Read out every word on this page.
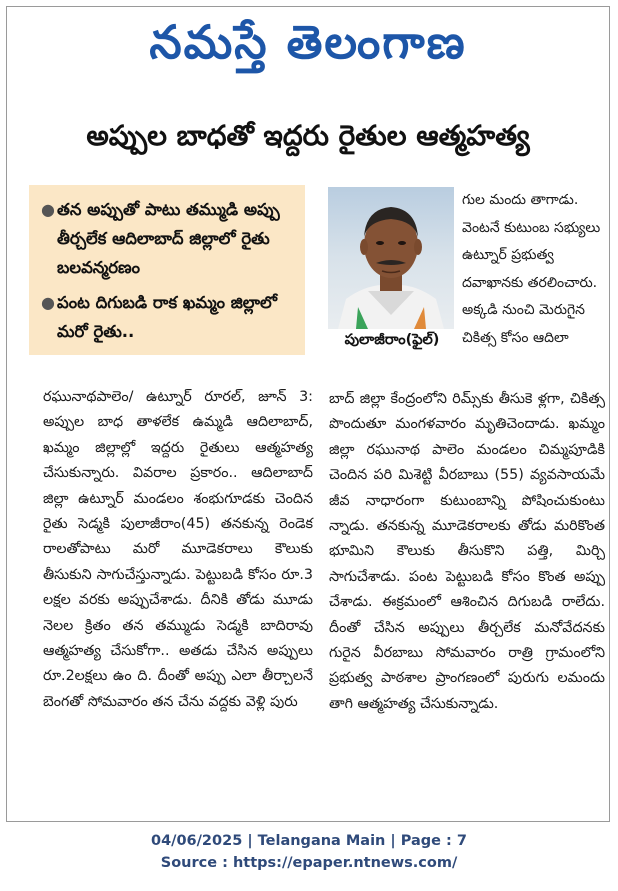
నమస్తే తెలంగాణ
అప్పుల బాధతో ఇద్దరు రైతుల ఆత్మహత్య
● తన అప్పుతో పాటు తమ్ముడి అప్పు తీర్చలేక ఆదిలాబాద్ జిల్లాలో రైతు బలవన్మరణం
● పంట దిగుబడి రాక ఖమ్మం జిల్లాలో మరో రైతు..	పులాజీరాం(ఫైల్)
గుల మందు తాగాడు. వెంటనే కుటుంబ సభ్యులు ఉట్నూర్ ప్రభుత్వ దవాఖానకు తరలించారు. అక్కడి నుంచి మెరుగైన చికిత్స కోసం ఆదిలా
రఘునాథపాలెం/ ఉట్నూర్ రూరల్, జూన్ 3: అప్పుల బాధ తాళలేక ఉమ్మడి ఆదిలాబాద్, ఖమ్మం జిల్లాల్లో ఇద్దరు రైతులు ఆత్మహత్య చేసుకున్నారు. వివరాల ప్రకారం.. ఆదిలాబాద్ జిల్లా ఉట్నూర్ మండలం శంభుగూడకు చెందిన రైతు సెడ్మకి పులాజీరాం(45) తనకున్న రెండెక రాలతోపాటు మరో మూడెకరాలు కౌలుకు తీసుకుని సాగుచేస్తున్నాడు. పెట్టుబడి కోసం రూ.3 లక్షల వరకు అప్పుచేశాడు. దీనికి తోడు మూడు నెలల క్రితం తన తమ్ముడు సెడ్మకి బాదిరావు ఆత్మహత్య చేసుకోగా.. అతడు చేసిన అప్పులు రూ.2లక్షలు ఉం ది. దీంతో అప్పు ఎలా తీర్చాలనే బెంగతో సోమవారం తన చేను వద్దకు వెళ్లి పురు
బాద్ జిల్లా కేంద్రంలోని రిమ్స్‌కు తీసుకె ళ్లగా, చికిత్స పొందుతూ మంగళవారం మృతిచెందాడు. ఖమ్మం జిల్లా రఘునాథ పాలెం మండలం చిమ్మపూడికి చెందిన పరి మిశెట్టి వీరబాబు (55) వ్యవసాయమే జీవ నాధారంగా కుటుంబాన్ని పోషించుకుంటు న్నాడు. తనకున్న మూడెకరాలకు తోడు మరికొంత భూమిని కౌలుకు తీసుకొని పత్తి, మిర్చి సాగుచేశాడు. పంట పెట్టుబడి కోసం కొంత అప్పు చేశాడు. ఈక్రమంలో ఆశించిన దిగుబడి రాలేదు. దీంతో చేసిన అప్పులు తీర్చలేక మనోవేదనకు గురైన వీరబాబు సోమవారం రాత్రి గ్రామంలోని ప్రభుత్వ పాఠశాల ప్రాంగణంలో పురుగు లమందు తాగి ఆత్మహత్య చేసుకున్నాడు.
04/06/2025 | Telangana Main | Page : 7
Source : https://epaper.ntnews.com/
